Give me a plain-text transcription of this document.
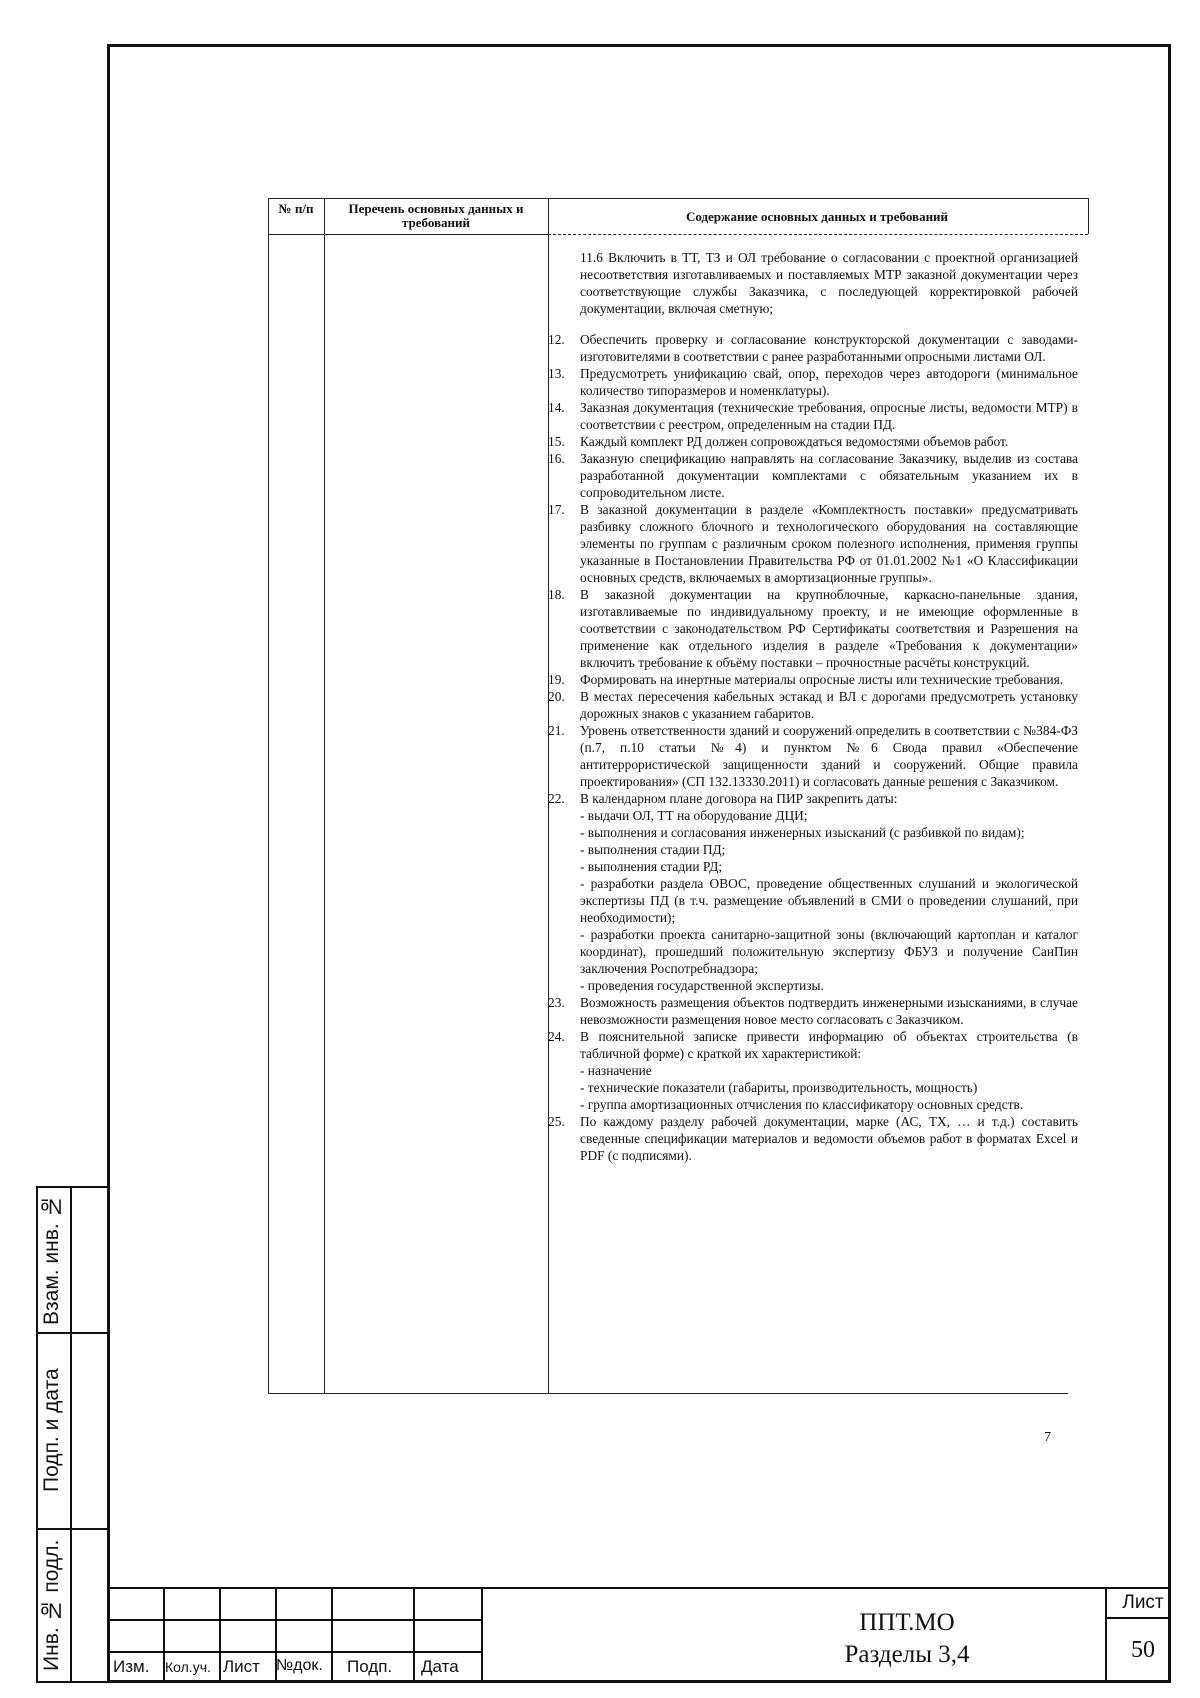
Взам. инв. №
Подп. и дата
Инв. № подл.
№ п/п	Перечень основных данных и требований	Содержание основных данных и требований

11.6 Включить в ТТ, ТЗ и ОЛ требование о согласовании с проектной организацией несоответствия изготавливаемых и поставляемых МТР заказной документации через соответствующие службы Заказчика, с последующей корректировкой рабочей документации, включая сметную;

12. Обеспечить проверку и согласование конструкторской документации с заводами-изготовителями в соответствии с ранее разработанными опросными листами ОЛ.

13. Предусмотреть унификацию свай, опор, переходов через автодороги (минимальное количество типоразмеров и номенклатуры).

14. Заказная документация (технические требования, опросные листы, ведомости МТР) в соответствии с реестром, определенным на стадии ПД.

15. Каждый комплект РД должен сопровождаться ведомостями объемов работ.

16. Заказную спецификацию направлять на согласование Заказчику, выделив из состава разработанной документации комплектами с обязательным указанием их в сопроводительном листе.

17. В заказной документации в разделе «Комплектность поставки» предусматривать разбивку сложного блочного и технологического оборудования на составляющие элементы по группам с различным сроком полезного исполнения, применяя группы указанные в Постановлении Правительства РФ от 01.01.2002 №1 «О Классификации основных средств, включаемых в амортизационные группы».

18. В заказной документации на крупноблочные, каркасно-панельные здания, изготавливаемые по индивидуальному проекту, и не имеющие оформленные в соответствии с законодательством РФ Сертификаты соответствия и Разрешения на применение как отдельного изделия в разделе «Требования к документации» включить требование к объёму поставки – прочностные расчёты конструкций.

19. Формировать на инертные материалы опросные листы или технические требования.

20. В местах пересечения кабельных эстакад и ВЛ с дорогами предусмотреть установку дорожных знаков с указанием габаритов.

21. Уровень ответственности зданий и сооружений определить в соответствии с №384-ФЗ (п.7, п.10 статьи №4) и пунктом №6 Свода правил «Обеспечение антитеррористической защищенности зданий и сооружений. Общие правила проектирования» (СП 132.13330.2011) и согласовать данные решения с Заказчиком.

22. В календарном плане договора на ПИР закрепить даты:

- выдачи ОЛ, ТТ на оборудование ДЦИ;

- выполнения и согласования инженерных изысканий (с разбивкой по видам);

- выполнения стадии ПД;

- выполнения стадии РД;

- разработки раздела ОВОС, проведение общественных слушаний и экологической экспертизы ПД (в т.ч. размещение объявлений в СМИ о проведении слушаний, при необходимости);

- разработки проекта санитарно-защитной зоны (включающий картоплан и каталог координат), прошедший положительную экспертизу ФБУЗ и получение СанПин заключения Роспотребнадзора;

- проведения государственной экспертизы.

23. Возможность размещения объектов подтвердить инженерными изысканиями, в случае невозможности размещения новое место согласовать с Заказчиком.

24. В пояснительной записке привести информацию об объектах строительства (в табличной форме) с краткой их характеристикой:

- назначение

- технические показатели (габариты, производительность, мощность)

- группа амортизационных отчисления по классификатору основных средств.

25. По каждому разделу рабочей документации, марке (АС, ТХ, … и т.д.) составить сведенные спецификации материалов и ведомости объемов работ в форматах Excel и PDF (с подписями).

7
Изм. Кол.уч. Лист №док. Подп. Дата
ППТ.МО
Разделы 3,4
Лист
50
